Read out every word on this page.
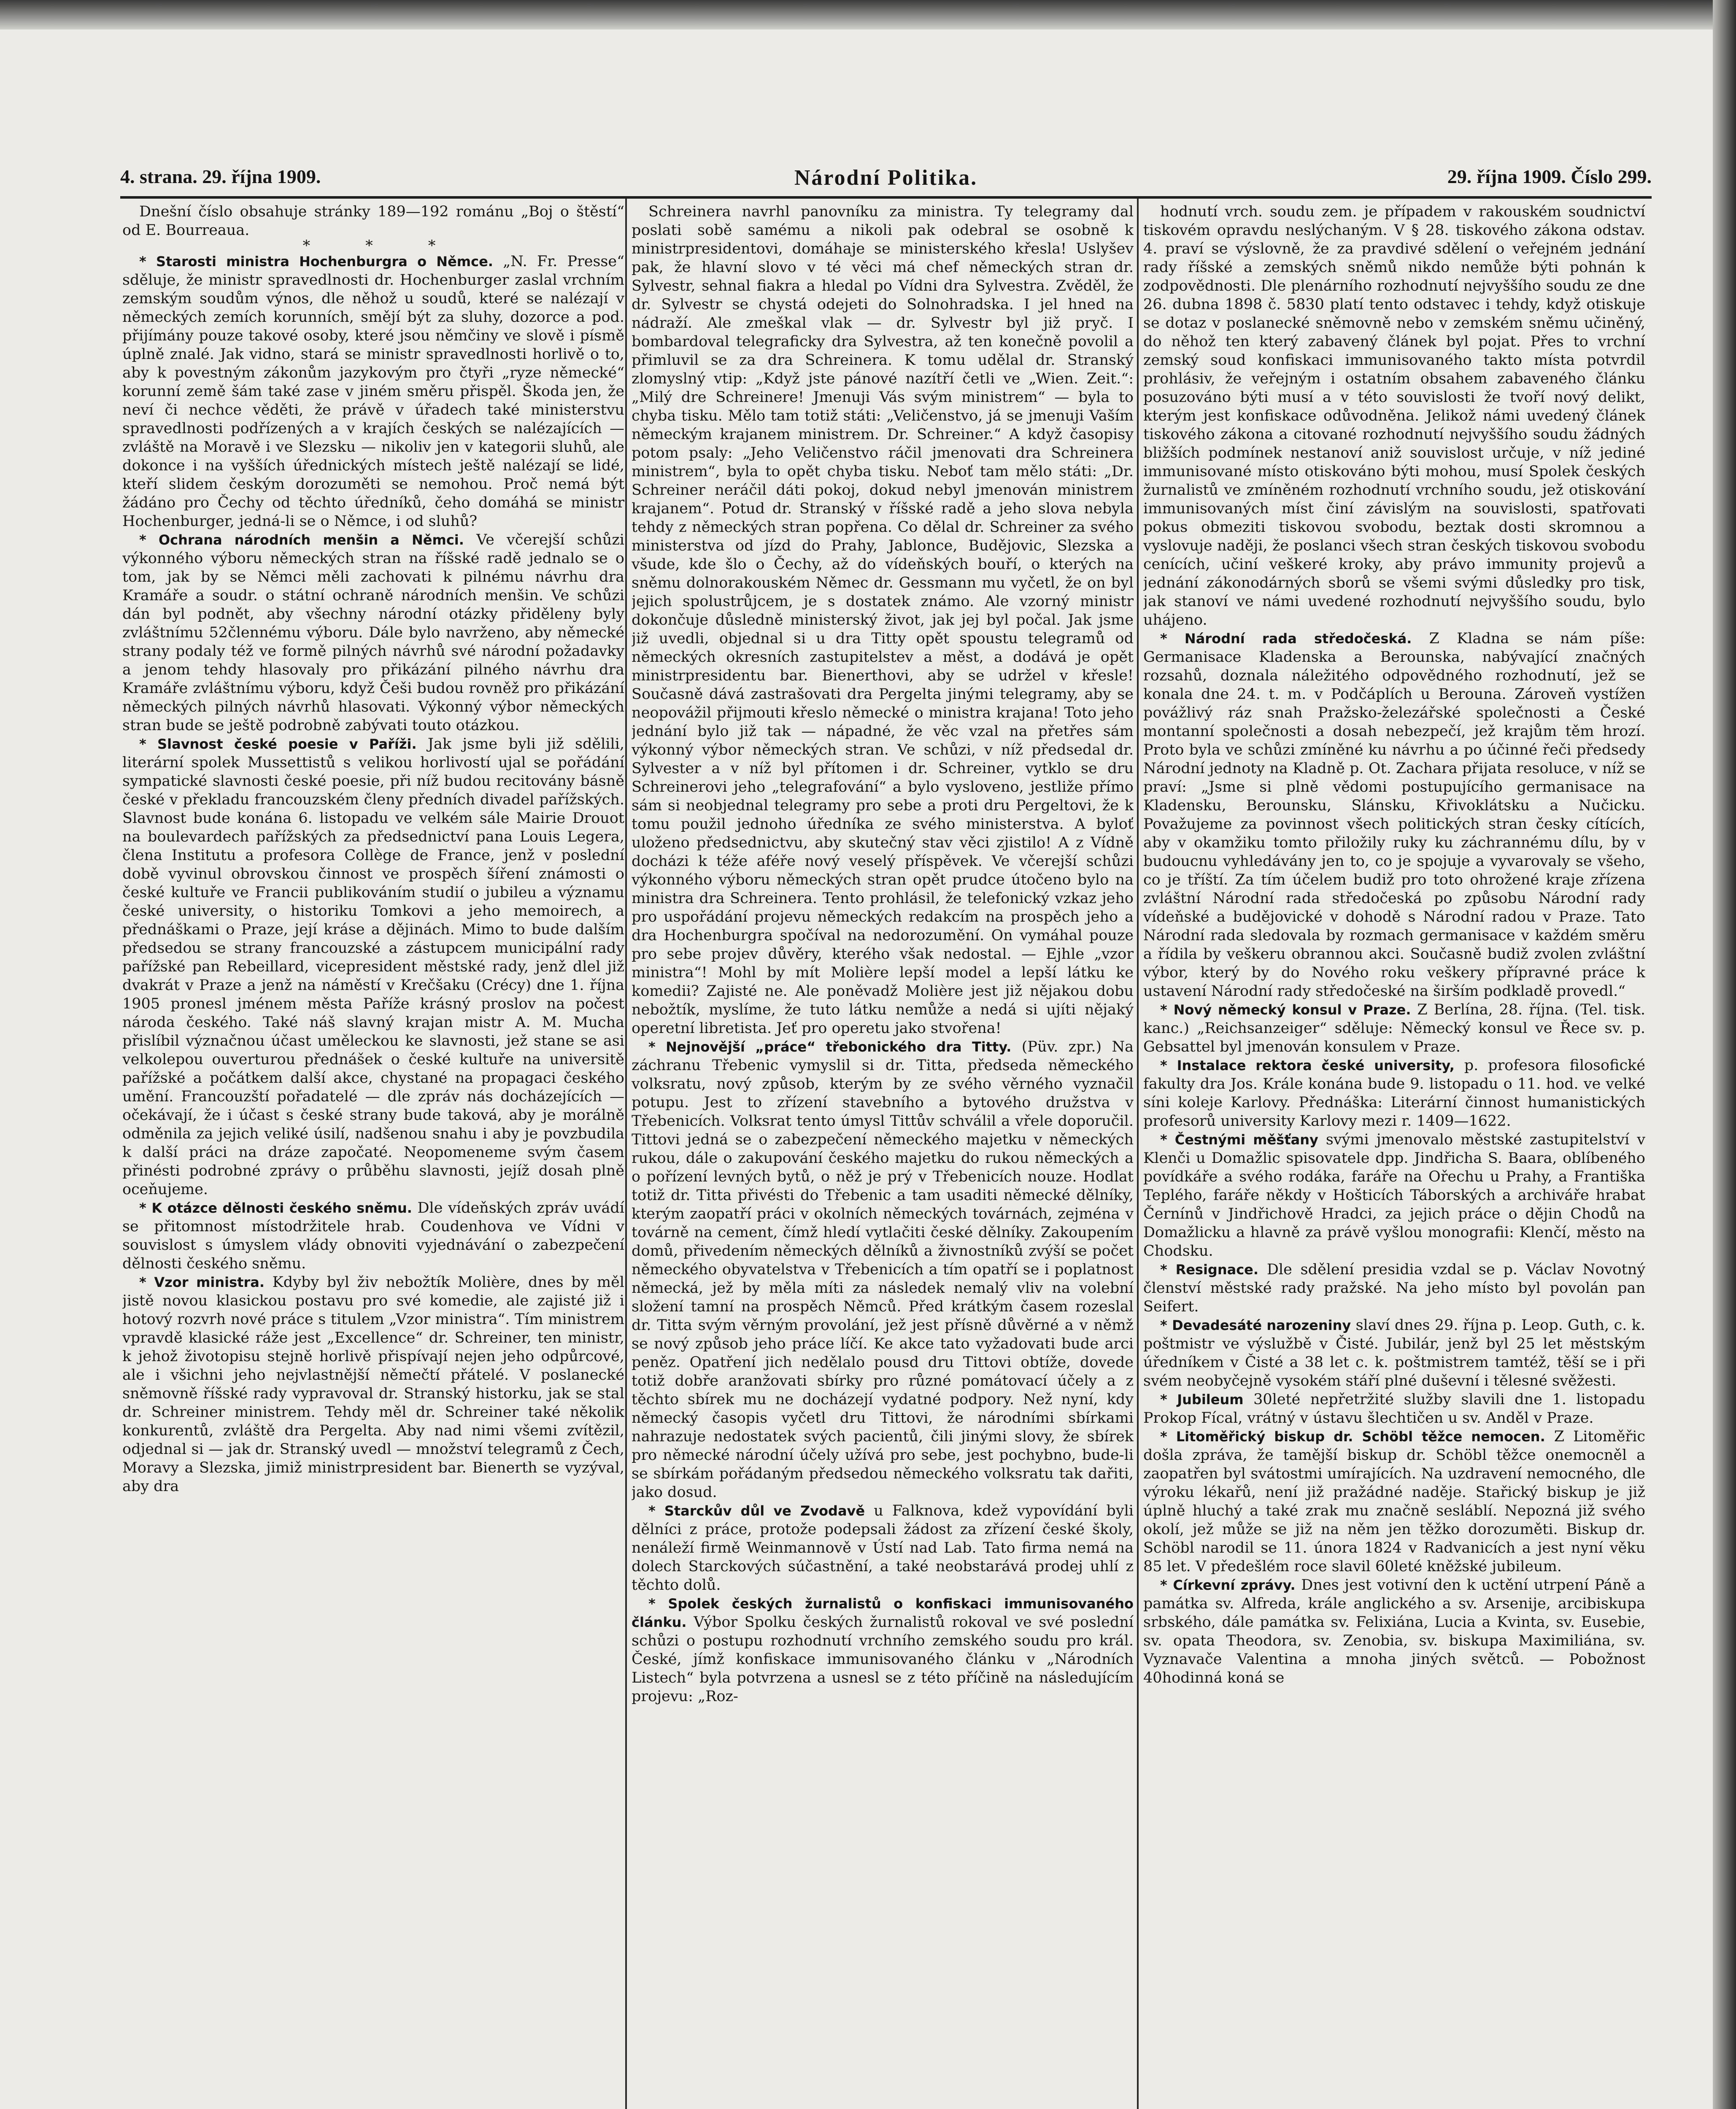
Národní Politika.
4. strana. 29. října 1909.	29. října 1909. Číslo 299.

Dnešní číslo obsahuje stránky 189—192 románu „Boj o štěstí“ od E. Bourreaua.

* * *

* Starosti ministra Hochenburgra o Němce. „N. Fr. Presse“ sděluje, že ministr spravedlnosti dr. Hochenburger zaslal vrchním zemským soudům výnos, dle něhož u soudů, které se nalézají v německých zemích korunních, smějí být za sluhy, dozorce a pod. přijímány pouze takové osoby, které jsou němčiny ve slově i písmě úplně znalé. Jak vidno, stará se ministr spravedlnosti horlivě o to, aby k povestným zákonům jazykovým pro čtyři „ryze německé“ korunní země šám také zase v jiném směru přispěl. Škoda jen, že neví či nechce věděti, že právě v úřadech také ministerstvu spravedlnosti podřízených a v krajích českých se nalézajících — zvláště na Moravě i ve Slezsku — nikoliv jen v kategorii sluhů, ale dokonce i na vyšších úřednických místech ještě nalézají se lidé, kteří slidem českým dorozuměti se nemohou. Proč nemá být žádáno pro Čechy od těchto úředníků, čeho domáhá se ministr Hochenburger, jedná-li se o Němce, i od sluhů?

* Ochrana národních menšin a Němci. Ve včerejší schůzi výkonného výboru německých stran na říšské radě jednalo se o tom, jak by se Němci měli zachovati k pilnému návrhu dra Kramáře a soudr. o státní ochraně národních menšin. Ve schůzi dán byl podnět, aby všechny národní otázky přiděleny byly zvláštnímu 52člennému výboru. Dále bylo navrženo, aby německé strany podaly též ve formě pilných návrhů své národní požadavky a jenom tehdy hlasovaly pro přikázání pilného návrhu dra Kramáře zvláštnímu výboru, když Češi budou rovněž pro přikázání německých pilných návrhů hlasovati. Výkonný výbor německých stran bude se ještě podrobně zabývati touto otázkou.

* Slavnost české poesie v Paříži. Jak jsme byli již sdělili, literární spolek Mussettistů s velikou horlivostí ujal se pořádání sympatické slavnosti české poesie, při níž budou recitovány básně české v překladu francouzském členy předních divadel pařížských. Slavnost bude konána 6. listopadu ve velkém sále Mairie Drouot na boulevardech pařížských za předsednictví pana Louis Legera, člena Institutu a profesora Collège de France, jenž v poslední době vyvinul obrovskou činnost ve prospěch šíření známosti o české kultuře ve Francii publikováním studií o jubileu a významu české university, o historiku Tomkovi a jeho memoirech, a přednáškami o Praze, její kráse a dějinách. Mimo to bude dalším předsedou se strany francouzské a zástupcem municipální rady pařížské pan Rebeillard, vicepresident městské rady, jenž dlel již dvakrát v Praze a jenž na náměstí v Krečšaku (Crécy) dne 1. října 1905 pronesl jménem města Paříže krásný proslov na počest národa českého. Také náš slavný krajan mistr A. M. Mucha přislíbil význačnou účast uměleckou ke slavnosti, jež stane se asi velkolepou ouverturou přednášek o české kultuře na universitě pařížské a počátkem další akce, chystané na propagaci českého umění. Francouzští pořadatelé — dle zpráv nás docházejících — očekávají, že i účast s české strany bude taková, aby je morálně odměnila za jejich veliké úsilí, nadšenou snahu i aby je povzbudila k další práci na dráze započaté. Neopomeneme svým časem přinésti podrobné zprávy o průběhu slavnosti, jejíž dosah plně oceňujeme.

* K otázce dělnosti českého sněmu. Dle vídeňských zpráv uvádí se přitomnost místodržitele hrab. Coudenhova ve Vídni v souvislost s úmyslem vlády obnoviti vyjednávání o zabezpečení dělnosti českého sněmu.

* Vzor ministra. Kdyby byl živ nebožtík Molière, dnes by měl jistě novou klasickou postavu pro své komedie, ale zajisté již i hotový rozvrh nové práce s titulem „Vzor ministra“. Tím ministrem vpravdě klasické ráže jest „Excellence“ dr. Schreiner, ten ministr, k jehož životopisu stejně horlivě přispívají nejen jeho odpůrcové, ale i všichni jeho nejvlastnější němečtí přátelé. V poslanecké sněmovně říšské rady vypravoval dr. Stranský historku, jak se stal dr. Schreiner ministrem. Tehdy měl dr. Schreiner také několik konkurentů, zvláště dra Pergelta. Aby nad nimi všemi zvítězil, odjednal si — jak dr. Stranský uvedl — množství telegramů z Čech, Moravy a Slezska, jimiž ministrpresident bar. Bienerth se vyzýval, aby dra

Schreinera navrhl panovníku za ministra. Ty telegramy dal poslati sobě samému a nikoli pak odebral se osobně k ministrpresidentovi, domáhaje se ministerského křesla! Uslyšev pak, že hlavní slovo v té věci má chef německých stran dr. Sylvestr, sehnal fiakra a hledal po Vídni dra Sylvestra. Zvěděl, že dr. Sylvestr se chystá odejeti do Solnohradska. I jel hned na nádraží. Ale zmeškal vlak — dr. Sylvestr byl již pryč. I bombardoval telegraficky dra Sylvestra, až ten konečně povolil a přimluvil se za dra Schreinera. K tomu udělal dr. Stranský zlomyslný vtip: „Když jste pánové nazítří četli ve „Wien. Zeit.“: „Milý dre Schreinere! Jmenuji Vás svým ministrem“ — byla to chyba tisku. Mělo tam totiž státi: „Veličenstvo, já se jmenuji Vaším německým krajanem ministrem. Dr. Schreiner.“ A když časopisy potom psaly: „Jeho Veličenstvo ráčil jmenovati dra Schreinera ministrem“, byla to opět chyba tisku. Neboť tam mělo státi: „Dr. Schreiner neráčil dáti pokoj, dokud nebyl jmenován ministrem krajanem“. Potud dr. Stranský v říšské radě a jeho slova nebyla tehdy z německých stran popřena. Co dělal dr. Schreiner za svého ministerstva od jízd do Prahy, Jablonce, Budějovic, Slezska a všude, kde šlo o Čechy, až do vídeňských bouří, o kterých na sněmu dolnorakouském Němec dr. Gessmann mu vyčetl, že on byl jejich spolustrůjcem, je s dostatek známo. Ale vzorný ministr dokončuje důsledně ministerský život, jak jej byl počal. Jak jsme již uvedli, objednal si u dra Titty opět spoustu telegramů od německých okresních zastupitelstev a měst, a dodává je opět ministrpresidentu bar. Bienerthovi, aby se udržel v křesle! Současně dává zastrašovati dra Pergelta jinými telegramy, aby se neopovážil přijmouti křeslo německé o ministra krajana! Toto jeho jednání bylo již tak — nápadné, že věc vzal na přetřes sám výkonný výbor německých stran. Ve schůzi, v níž předsedal dr. Sylvester a v níž byl přítomen i dr. Schreiner, vytklo se dru Schreinerovi jeho „telegrafování“ a bylo vysloveno, jestliže přímo sám si neobjednal telegramy pro sebe a proti dru Pergeltovi, že k tomu použil jednoho úředníka ze svého ministerstva. A byloť uloženo předsednictvu, aby skutečný stav věci zjistilo! A z Vídně docházi k téže aféře nový veselý příspěvek. Ve včerejší schůzi výkonného výboru německých stran opět prudce útočeno bylo na ministra dra Schreinera. Tento prohlásil, že telefonický vzkaz jeho pro uspořádání projevu německých redakcím na prospěch jeho a dra Hochenburgra spočíval na nedorozumění. On vymáhal pouze pro sebe projev důvěry, kterého však nedostal. — Ejhle „vzor ministra“! Mohl by mít Molière lepší model a lepší látku ke komedii? Zajisté ne. Ale poněvadž Molière jest již nějakou dobu nebožtík, myslíme, že tuto látku nemůže a nedá si ujíti nějaký operetní libretista. Jeť pro operetu jako stvořena!

* Nejnovější „práce“ třebonického dra Titty. (Püv. zpr.) Na záchranu Třebenic vymyslil si dr. Titta, předseda německého volksratu, nový způsob, kterým by ze svého věrného vyznačil potupu. Jest to zřízení stavebního a bytového družstva v Třebenicích. Volksrat tento úmysl Tittův schválil a vřele doporučil. Tittovi jedná se o zabezpečení německého majetku v německých rukou, dále o zakupování českého majetku do rukou německých a o pořízení levných bytů, o něž je prý v Třebenicích nouze. Hodlat totiž dr. Titta přivésti do Třebenic a tam usaditi německé dělníky, kterým zaopatří práci v okolních německých továrnách, zejména v továrně na cement, čímž hledí vytlačiti české dělníky. Zakoupením domů, přivedením německých dělníků a živnostníků zvýší se počet německého obyvatelstva v Třebenicích a tím opatří se i poplatnost německá, jež by měla míti za následek nemalý vliv na volební složení tamní na prospěch Němců. Před krátkým časem rozeslal dr. Titta svým věrným provolání, jež jest přísně důvěrné a v němž se nový způsob jeho práce líčí. Ke akce tato vyžadovati bude arci peněz. Opatření jich nedělalo pousd dru Tittovi obtíže, dovede totiž dobře aranžovati sbírky pro různé pomátovací účely a z těchto sbírek mu ne docházejí vydatné podpory. Než nyní, kdy německý časopis vyčetl dru Tittovi, že národními sbírkami nahrazuje nedostatek svých pacientů, čili jinými slovy, že sbírek pro německé národní účely užívá pro sebe, jest pochybno, bude-li se sbírkám pořádaným předsedou německého volksratu tak dařiti, jako dosud.

* Starckův důl ve Zvodavě u Falknova, kdež vypovídání byli dělníci z práce, protože podepsali žádost za zřízení české školy, nenáleží firmě Weinmannově v Ústí nad Lab. Tato firma nemá na dolech Starckových súčastnění, a také neobstarává prodej uhlí z těchto dolů.

* Spolek českých žurnalistů o konfiskaci immunisovaného článku. Výbor Spolku českých žurnalistů rokoval ve své poslední schůzi o postupu rozhodnutí vrchního zemského soudu pro král. České, jímž konfiskace immunisovaného článku v „Národních Listech“ byla potvrzena a usnesl se z této příčině na následujícím projevu: „Roz-

hodnutí vrch. soudu zem. je případem v rakouském soudnictví tiskovém opravdu neslýchaným. V § 28. tiskového zákona odstav. 4. praví se výslovně, že za pravdivé sdělení o veřejném jednání rady říšské a zemských sněmů nikdo nemůže býti pohnán k zodpovědnosti. Dle plenárního rozhodnutí nejvyššího soudu ze dne 26. dubna 1898 č. 5830 platí tento odstavec i tehdy, když otiskuje se dotaz v poslanecké sněmovně nebo v zemském sněmu učiněný, do něhož ten který zabavený článek byl pojat. Přes to vrchní zemský soud konfiskaci immunisovaného takto místa potvrdil prohlásiv, že veřejným i ostatním obsahem zabaveného článku posuzováno býti musí a v této souvislosti že tvoří nový delikt, kterým jest konfiskace odůvodněna. Jelikož námi uvedený článek tiskového zákona a citované rozhodnutí nejvyššího soudu žádných bližších podmínek nestanoví aniž souvislost určuje, v níž jediné immunisované místo otiskováno býti mohou, musí Spolek českých žurnalistů ve zmíněném rozhodnutí vrchního soudu, jež otiskování immunisovaných míst činí závislým na souvislosti, spatřovati pokus obmeziti tiskovou svobodu, beztak dosti skromnou a vyslovuje naději, že poslanci všech stran českých tiskovou svobodu cenících, učiní veškeré kroky, aby právo immunity projevů a jednání zákonodárných sborů se všemi svými důsledky pro tisk, jak stanoví ve námi uvedené rozhodnutí nejvyššího soudu, bylo uhájeno.

* Národní rada středočeská. Z Kladna se nám píše: Germanisace Kladenska a Berounska, nabývající značných rozsahů, doznala náležitého odpovědného rozhodnutí, jež se konala dne 24. t. m. v Podčáplích u Berouna. Zároveň vystížen povážlivý ráz snah Pražsko-železářské společnosti a České montanní společnosti a dosah nebezpečí, jež krajům těm hrozí. Proto byla ve schůzi zmíněné ku návrhu a po účinné řeči předsedy Národní jednoty na Kladně p. Ot. Zachara přijata resoluce, v níž se praví: „Jsme si plně vědomi postupujícího germanisace na Kladensku, Berounsku, Slánsku, Křivoklátsku a Nučicku. Považujeme za povinnost všech politických stran česky cítících, aby v okamžiku tomto přiložily ruky ku záchrannému dílu, by v budoucnu vyhledávány jen to, co je spojuje a vyvarovaly se všeho, co je tříští. Za tím účelem budiž pro toto ohrožené kraje zřízena zvláštní Národní rada středočeská po způsobu Národní rady vídeňské a budějovické v dohodě s Národní radou v Praze. Tato Národní rada sledovala by rozmach germanisace v každém směru a řídila by veškeru obrannou akci. Současně budiž zvolen zvláštní výbor, který by do Nového roku veškery přípravné práce k ustavení Národní rady středočeské na širším podkladě provedl.“

* Nový německý konsul v Praze. Z Berlína, 28. října. (Tel. tisk. kanc.) „Reichsanzeiger“ sděluje: Německý konsul ve Řece sv. p. Gebsattel byl jmenován konsulem v Praze.

* Instalace rektora české university, p. profesora filosofické fakulty dra Jos. Krále konána bude 9. listopadu o 11. hod. ve velké síni koleje Karlovy. Přednáška: Literární činnost humanistických profesorů university Karlovy mezi r. 1409—1622.

* Čestnými měšťany svými jmenovalo městské zastupitelství v Klenči u Domažlic spisovatele dpp. Jindřicha S. Baara, oblíbeného povídkáře a svého rodáka, faráře na Ořechu u Prahy, a Františka Tepléhо, faráře někdy v Hošticích Táborských a archiváře hrabat Černínů v Jindřichově Hradci, za jejich práce o dějin Chodů na Domažlicku a hlavně za právě vyšlou monografii: Klenčí, město na Chodsku.

* Resignace. Dle sdělení presidia vzdal se p. Václav Novotný členství městské rady pražské. Na jeho místo byl povolán pan Seifert.

* Devadesáté narozeniny slaví dnes 29. října p. Leop. Guth, c. k. poštmistr ve výslužbě v Čisté. Jubilár, jenž byl 25 let městským úředníkem v Čisté a 38 let c. k. poštmistrem tamtéž, těší se i při svém neobyčejně vysokém stáří plné duševní i tělesné svěžesti.

* Jubileum 30leté nepřetržité služby slavili dne 1. listopadu Prokop Fícal, vrátný v ústavu šlechtičen u sv. Anděl v Praze.

* Litoměřický biskup dr. Schöbl těžce nemocen. Z Litoměřic došla zpráva, že tamější biskup dr. Schöbl těžce onemocněl a zaopatřen byl svátostmi umírajících. Na uzdravení nemocného, dle výroku lékařů, není již pražádné naděje. Stařický biskup je již úplně hluchý a také zrak mu značně sesláblí. Nepozná již svého okolí, jež může se již na něm jen těžko dorozuměti. Biskup dr. Schöbl narodil se 11. února 1824 v Radvanicích a jest nyní věku 85 let. V předešlém roce slavil 60leté kněžské jubileum.

* Církevní zprávy. Dnes jest votivní den k uctění utrpení Páně a památka sv. Alfreda, krále anglického a sv. Arsenije, arcibiskupa srbského, dále památka sv. Felixiána, Lucia a Kvinta, sv. Eusebie, sv. opata Theodora, sv. Zenobia, sv. biskupa Maximiliána, sv. Vyznavače Valentina a mnoha jiných světců. — Pobožnost 40hodinná koná se
